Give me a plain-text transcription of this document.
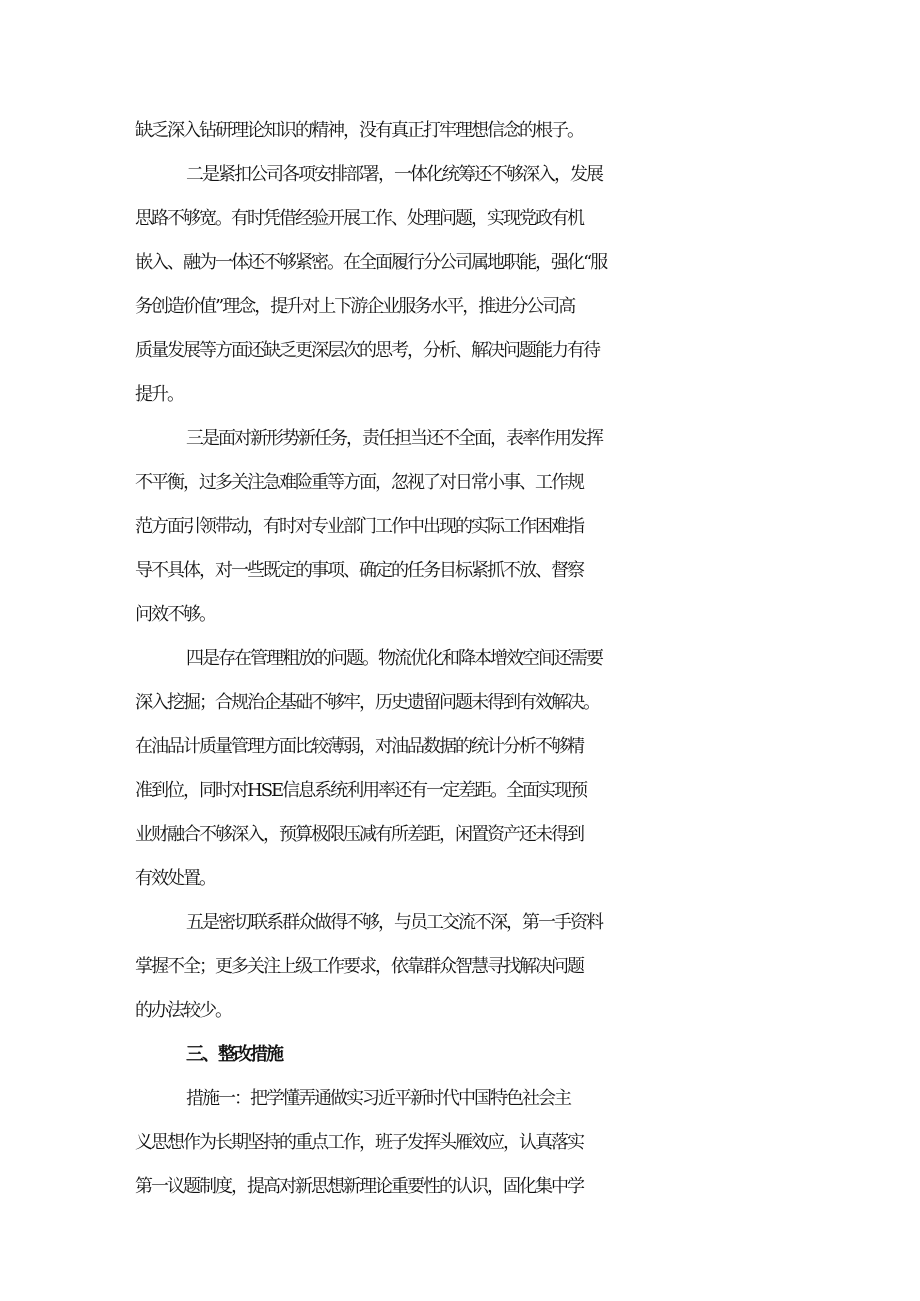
缺乏深入钻研理论知识的精神，没有真正打牢理想信念的根子。
二是紧扣公司各项安排部署，一体化统筹还不够深入，发展
思路不够宽。有时凭借经验开展工作、处理问题，实现党政有机
嵌入、融为一体还不够紧密。在全面履行分公司属地职能，强化“服
务创造价值”理念，提升对上下游企业服务水平，推进分公司高
质量发展等方面还缺乏更深层次的思考，分析、解决问题能力有待
提升。
三是面对新形势新任务，责任担当还不全面，表率作用发挥
不平衡，过多关注急难险重等方面，忽视了对日常小事、工作规
范方面引领带动，有时对专业部门工作中出现的实际工作困难指
导不具体，对一些既定的事项、确定的任务目标紧抓不放、督察
问效不够。
四是存在管理粗放的问题。物流优化和降本增效空间还需要
深入挖掘；合规治企基础不够牢，历史遗留问题未得到有效解决。
在油品计质量管理方面比较薄弱，对油品数据的统计分析不够精
准到位，同时对HSE信息系统利用率还有一定差距。全面实现预
业财融合不够深入，预算极限压减有所差距，闲置资产还未得到
有效处置。
五是密切联系群众做得不够，与员工交流不深，第一手资料
掌握不全；更多关注上级工作要求，依靠群众智慧寻找解决问题
的办法较少。
三、整改措施
措施一：把学懂弄通做实习近平新时代中国特色社会主
义思想作为长期坚持的重点工作，班子发挥头雁效应，认真落实
第一议题制度，提高对新思想新理论重要性的认识，固化集中学
